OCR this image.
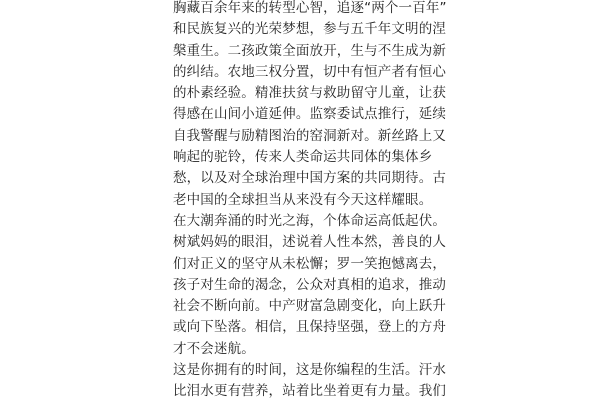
胸藏百余年来的转型心智，追逐“两个一百年”
和民族复兴的光荣梦想，参与五千年文明的涅
槃重生。二孩政策全面放开，生与不生成为新
的纠结。农地三权分置，切中有恒产者有恒心
的朴素经验。精准扶贫与救助留守儿童，让获
得感在山间小道延伸。监察委试点推行，延续
自我警醒与励精图治的窑洞新对。新丝路上又
响起的驼铃，传来人类命运共同体的集体乡
愁，以及对全球治理中国方案的共同期待。古
老中国的全球担当从来没有今天这样耀眼。
在大潮奔涌的时光之海，个体命运高低起伏。
树斌妈妈的眼泪，述说着人性本然，善良的人
们对正义的坚守从未松懈；罗一笑抱憾离去，
孩子对生命的渴念，公众对真相的追求，推动
社会不断向前。中产财富急剧变化，向上跃升
或向下坠落。相信，且保持坚强，登上的方舟
才不会迷航。
这是你拥有的时间，这是你编程的生活。汗水
比泪水更有营养，站着比坐着更有力量。我们
